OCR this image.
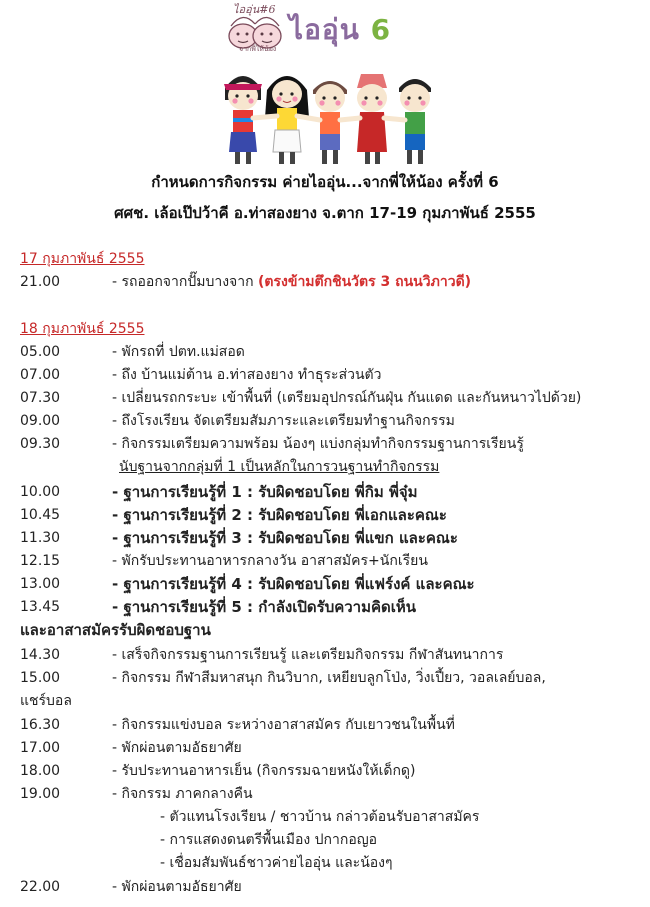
ไออุ่น#6
จากพี่ให้น้อง
ไออุ่น 6
กำหนดการกิจกรรม ค่ายไออุ่น...จากพี่ให้น้อง ครั้งที่ 6
ศศช. เล้อเป๊ปว้าคี อ.ท่าสองยาง จ.ตาก 17-19 กุมภาพันธ์ 2555
17 กุมภาพันธ์ 2555
21.00	- รถออกจากปั๊มบางจาก (ตรงข้ามตึกชินวัตร 3 ถนนวิภาวดี)
18 กุมภาพันธ์ 2555
05.00	- พักรถที่ ปตท.แม่สอด
07.00	- ถึง บ้านแม่ต้าน อ.ท่าสองยาง ทำธุระส่วนตัว
07.30	- เปลี่ยนรถกระบะ เข้าพื้นที่ (เตรียมอุปกรณ์กันฝุ่น กันแดด และกันหนาวไปด้วย)
09.00	- ถึงโรงเรียน จัดเตรียมสัมภาระและเตรียมทำฐานกิจกรรม
09.30	- กิจกรรมเตรียมความพร้อม น้องๆ แบ่งกลุ่มทำกิจกรรมฐานการเรียนรู้
นับฐานจากกลุ่มที่ 1 เป็นหลักในการวนฐานทำกิจกรรม
10.00	- ฐานการเรียนรู้ที่ 1 : รับผิดชอบโดย พี่กิม พี่จุ๋ม
10.45	- ฐานการเรียนรู้ที่ 2 : รับผิดชอบโดย พี่เอกและคณะ
11.30	- ฐานการเรียนรู้ที่ 3 : รับผิดชอบโดย พี่แขก และคณะ
12.15	- พักรับประทานอาหารกลางวัน อาสาสมัคร+นักเรียน
13.00	- ฐานการเรียนรู้ที่ 4 : รับผิดชอบโดย พี่แฟร์งค์ และคณะ
13.45	- ฐานการเรียนรู้ที่ 5 : กำลังเปิดรับความคิดเห็น
และอาสาสมัครรับผิดชอบฐาน
14.30	- เสร็จกิจกรรมฐานการเรียนรู้ และเตรียมกิจกรรม กีฬาสันทนาการ
15.00	- กิจกรรม กีฬาสีมหาสนุก กินวิบาก, เหยียบลูกโป่ง, วิ่งเปี้ยว, วอลเลย์บอล,
แชร์บอล
16.30	- กิจกรรมแข่งบอล ระหว่างอาสาสมัคร กับเยาวชนในพื้นที่
17.00	- พักผ่อนตามอัธยาศัย
18.00	- รับประทานอาหารเย็น (กิจกรรมฉายหนังให้เด็กดู)
19.00	- กิจกรรม ภาคกลางคืน
- ตัวแทนโรงเรียน / ชาวบ้าน กล่าวต้อนรับอาสาสมัคร
- การแสดงดนตรีพื้นเมือง ปกากอญอ
- เชื่อมสัมพันธ์ชาวค่ายไออุ่น และน้องๆ
22.00	- พักผ่อนตามอัธยาศัย
